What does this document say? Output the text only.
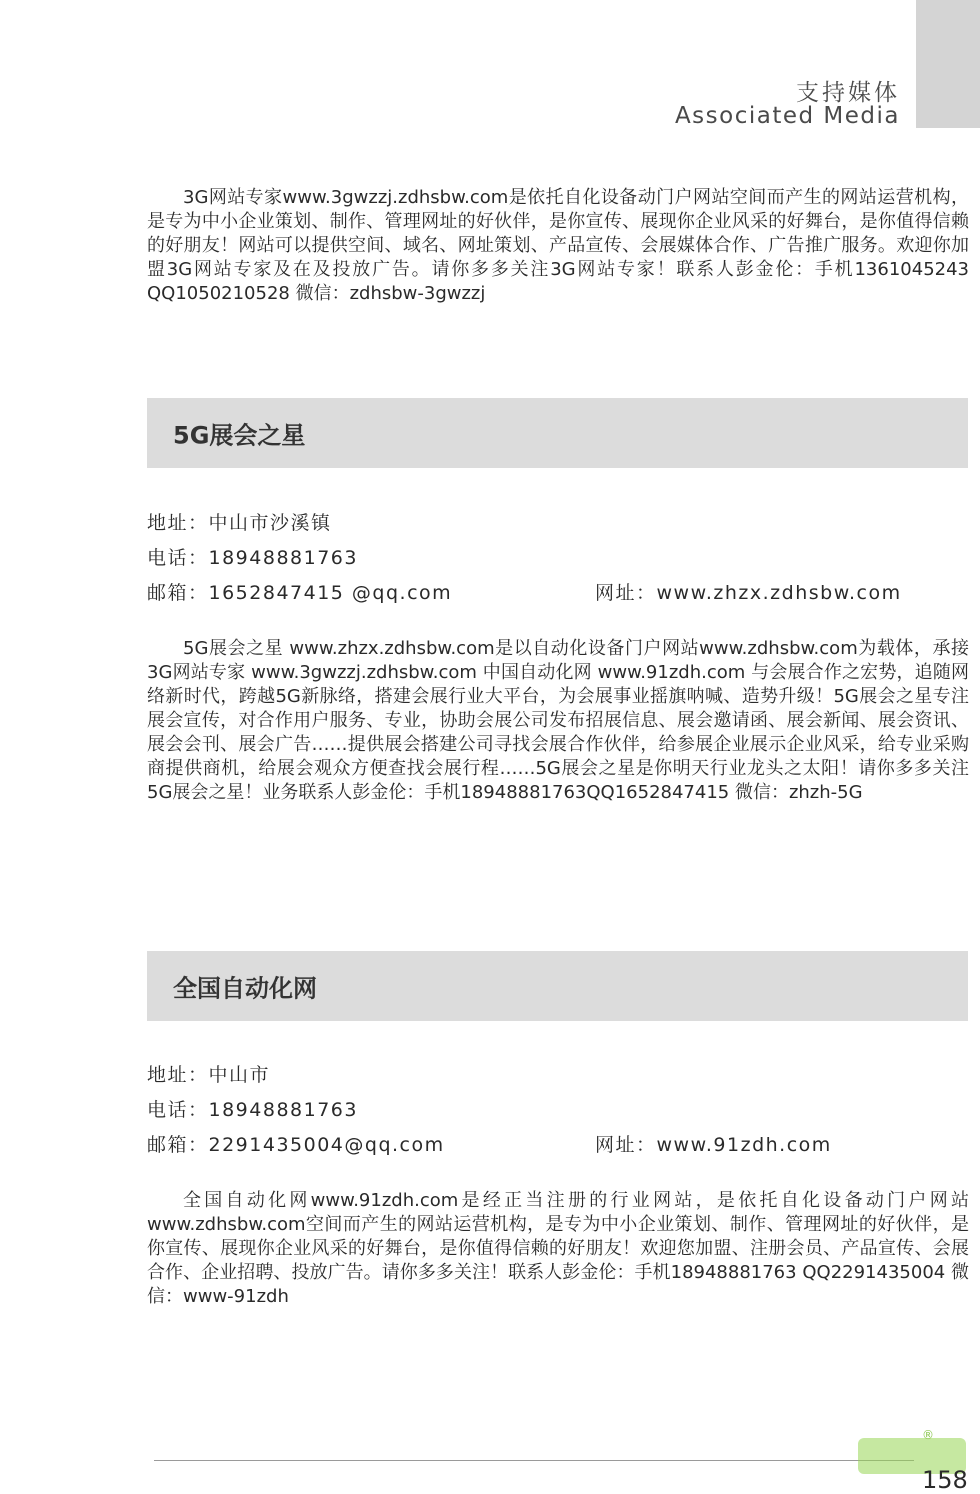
支持媒体
Associated Media

3G网站专家www.3gwzzj.zdhsbw.com是依托自化设备动门户网站空间而产生的网站运营机构，是专为中小企业策划、制作、管理网址的好伙伴，是你宣传、展现你企业风采的好舞台，是你值得信赖的好朋友！网站可以提供空间、域名、网址策划、产品宣传、会展媒体合作、广告推广服务。欢迎你加盟3G网站专家及在及投放广告。请你多多关注3G网站专家！联系人彭金伦：手机1361045243 QQ1050210528 微信：zdhsbw-3gwzzj

5G展会之星
地址：中山市沙溪镇
电话：18948881763
邮箱：1652847415 @qq.com	网址：www.zhzx.zdhsbw.com

5G展会之星 www.zhzx.zdhsbw.com是以自动化设备门户网站www.zdhsbw.com为载体，承接3G网站专家 www.3gwzzj.zdhsbw.com 中国自动化网 www.91zdh.com 与会展合作之宏势，追随网络新时代，跨越5G新脉络，搭建会展行业大平台，为会展事业摇旗呐喊、造势升级！5G展会之星专注展会宣传，对合作用户服务、专业，协助会展公司发布招展信息、展会邀请函、展会新闻、展会资讯、展会会刊、展会广告……提供展会搭建公司寻找会展合作伙伴，给参展企业展示企业风采，给专业采购商提供商机，给展会观众方便查找会展行程……5G展会之星是你明天行业龙头之太阳！请你多多关注5G展会之星！业务联系人彭金伦：手机18948881763QQ1652847415 微信：zhzh-5G

全国自动化网
地址：中山市
电话：18948881763
邮箱：2291435004@qq.com	网址：www.91zdh.com

全国自动化网www.91zdh.com是经正当注册的行业网站，是依托自化设备动门户网站www.zdhsbw.com空间而产生的网站运营机构，是专为中小企业策划、制作、管理网址的好伙伴，是你宣传、展现你企业风采的好舞台，是你值得信赖的好朋友！欢迎您加盟、注册会员、产品宣传、会展合作、企业招聘、投放广告。请你多多关注！联系人彭金伦：手机18948881763 QQ2291435004 微信：www-91zdh

®
158
